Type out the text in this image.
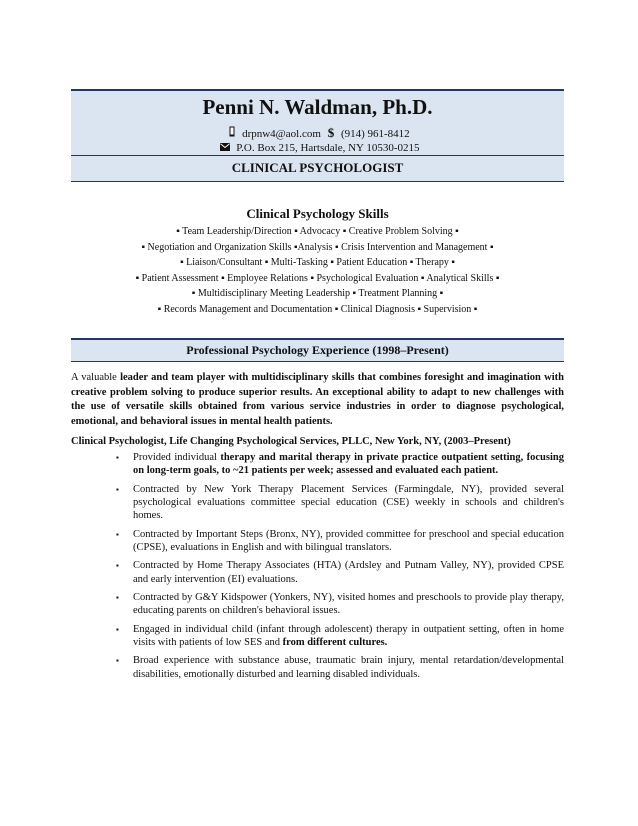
Penni N. Waldman, Ph.D.
drpnw4@aol.com $ (914) 961-8412
P.O. Box 215, Hartsdale, NY 10530-0215
CLINICAL PSYCHOLOGIST
Clinical Psychology Skills
▪ Team Leadership/Direction ▪ Advocacy ▪ Creative Problem Solving ▪
▪ Negotiation and Organization Skills ▪Analysis ▪ Crisis Intervention and Management ▪
▪ Liaison/Consultant ▪ Multi-Tasking ▪ Patient Education ▪ Therapy ▪
▪ Patient Assessment ▪ Employee Relations ▪ Psychological Evaluation ▪ Analytical Skills ▪
▪ Multidisciplinary Meeting Leadership ▪ Treatment Planning ▪
▪ Records Management and Documentation ▪ Clinical Diagnosis ▪ Supervision ▪
Professional Psychology Experience (1998–Present)
A valuable leader and team player with multidisciplinary skills that combines foresight and imagination with creative problem solving to produce superior results. An exceptional ability to adapt to new challenges with the use of versatile skills obtained from various service industries in order to diagnose psychological, emotional, and behavioral issues in mental health patients.
Clinical Psychologist, Life Changing Psychological Services, PLLC, New York, NY, (2003–Present)
▪ Provided individual therapy and marital therapy in private practice outpatient setting, focusing on long-term goals, to ~21 patients per week; assessed and evaluated each patient.
▪ Contracted by New York Therapy Placement Services (Farmingdale, NY), provided several psychological evaluations committee special education (CSE) weekly in schools and children's homes.
▪ Contracted by Important Steps (Bronx, NY), provided committee for preschool and special education (CPSE), evaluations in English and with bilingual translators.
▪ Contracted by Home Therapy Associates (HTA) (Ardsley and Putnam Valley, NY), provided CPSE and early intervention (EI) evaluations.
▪ Contracted by G&Y Kidspower (Yonkers, NY), visited homes and preschools to provide play therapy, educating parents on children's behavioral issues.
▪ Engaged in individual child (infant through adolescent) therapy in outpatient setting, often in home visits with patients of low SES and from different cultures.
▪ Broad experience with substance abuse, traumatic brain injury, mental retardation/developmental disabilities, emotionally disturbed and learning disabled individuals.
